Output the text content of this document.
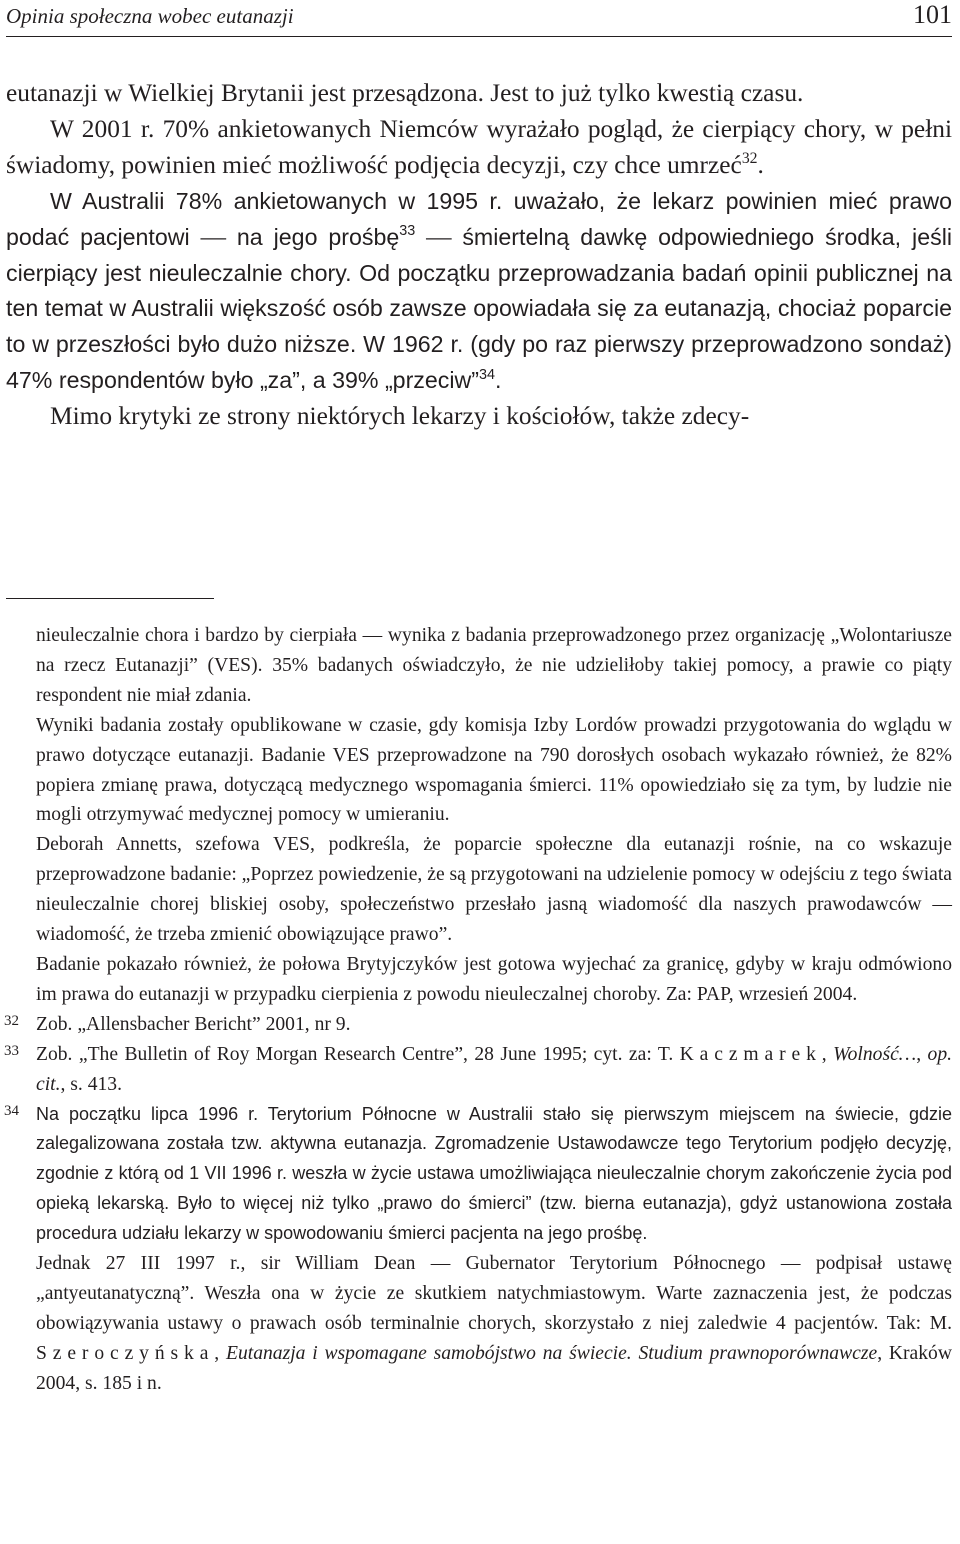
Opinia społeczna wobec eutanazji	101

eutanazji w Wielkiej Brytanii jest przesądzona. Jest to już tylko kwestią czasu.

W 2001 r. 70% ankietowanych Niemców wyrażało pogląd, że cierpiący chory, w pełni świadomy, powinien mieć możliwość podjęcia decyzji, czy chce umrzeć$^{32}$.

W Australii 78% ankietowanych w 1995 r. uważało, że lekarz powinien mieć prawo podać pacjentowi — na jego prośbę$^{33}$ — śmiertelną dawkę odpowiedniego środka, jeśli cierpiący jest nieuleczalnie chory. Od początku przeprowadzania badań opinii publicznej na ten temat w Australii większość osób zawsze opowiadała się za eutanazją, chociaż poparcie to w przeszłości było dużo niższe. W 1962 r. (gdy po raz pierwszy przeprowadzono sondaż) 47% respondentów było „za”, a 39% „przeciw”$^{34}$.

Mimo krytyki ze strony niektórych lekarzy i kościołów, także zdecy-

nieuleczalnie chora i bardzo by cierpiała — wynika z badania przeprowadzonego przez organizację „Wolontariusze na rzecz Eutanazji” (VES). 35% badanych oświadczyło, że nie udzieliłoby takiej pomocy, a prawie co piąty respondent nie miał zdania.

Wyniki badania zostały opublikowane w czasie, gdy komisja Izby Lordów prowadzi przygotowania do wglądu w prawo dotyczące eutanazji. Badanie VES przeprowadzone na 790 dorosłych osobach wykazało również, że 82% popiera zmianę prawa, dotyczącą medycznego wspomagania śmierci. 11% opowiedziało się za tym, by ludzie nie mogli otrzymywać medycznej pomocy w umieraniu.

Deborah Annetts, szefowa VES, podkreśla, że poparcie społeczne dla eutanazji rośnie, na co wskazuje przeprowadzone badanie: „Poprzez powiedzenie, że są przygotowani na udzielenie pomocy w odejściu z tego świata nieuleczalnie chorej bliskiej osoby, społeczeństwo przesłało jasną wiadomość dla naszych prawodawców — wiadomość, że trzeba zmienić obowiązujące prawo”.

Badanie pokazało również, że połowa Brytyjczyków jest gotowa wyjechać za granicę, gdyby w kraju odmówiono im prawa do eutanazji w przypadku cierpienia z powodu nieuleczalnej choroby. Za: PAP, wrzesień 2004.

32 Zob. „Allensbacher Bericht” 2001, nr 9.

33 Zob. „The Bulletin of Roy Morgan Research Centre”, 28 June 1995; cyt. za: T. Kaczmarek, Wolność…, op. cit., s. 413.

34 Na początku lipca 1996 r. Terytorium Północne w Australii stało się pierwszym miejscem na świecie, gdzie zalegalizowana została tzw. aktywna eutanazja. Zgromadzenie Ustawodawcze tego Terytorium podjęło decyzję, zgodnie z którą od 1 VII 1996 r. weszła w życie ustawa umożliwiająca nieuleczalnie chorym zakończenie życia pod opieką lekarską. Było to więcej niż tylko „prawo do śmierci” (tzw. bierna eutanazja), gdyż ustanowiona została procedura udziału lekarzy w spowodowaniu śmierci pacjenta na jego prośbę.

Jednak 27 III 1997 r., sir William Dean — Gubernator Terytorium Północnego — podpisał ustawę „antyeutanatyczną”. Weszła ona w życie ze skutkiem natychmiastowym. Warte zaznaczenia jest, że podczas obowiązywania ustawy o prawach osób terminalnie chorych, skorzystało z niej zaledwie 4 pacjentów. Tak: M. Szeroczyńska, Eutanazja i wspomagane samobójstwo na świecie. Studium prawnoporównawcze, Kraków 2004, s. 185 i n.
